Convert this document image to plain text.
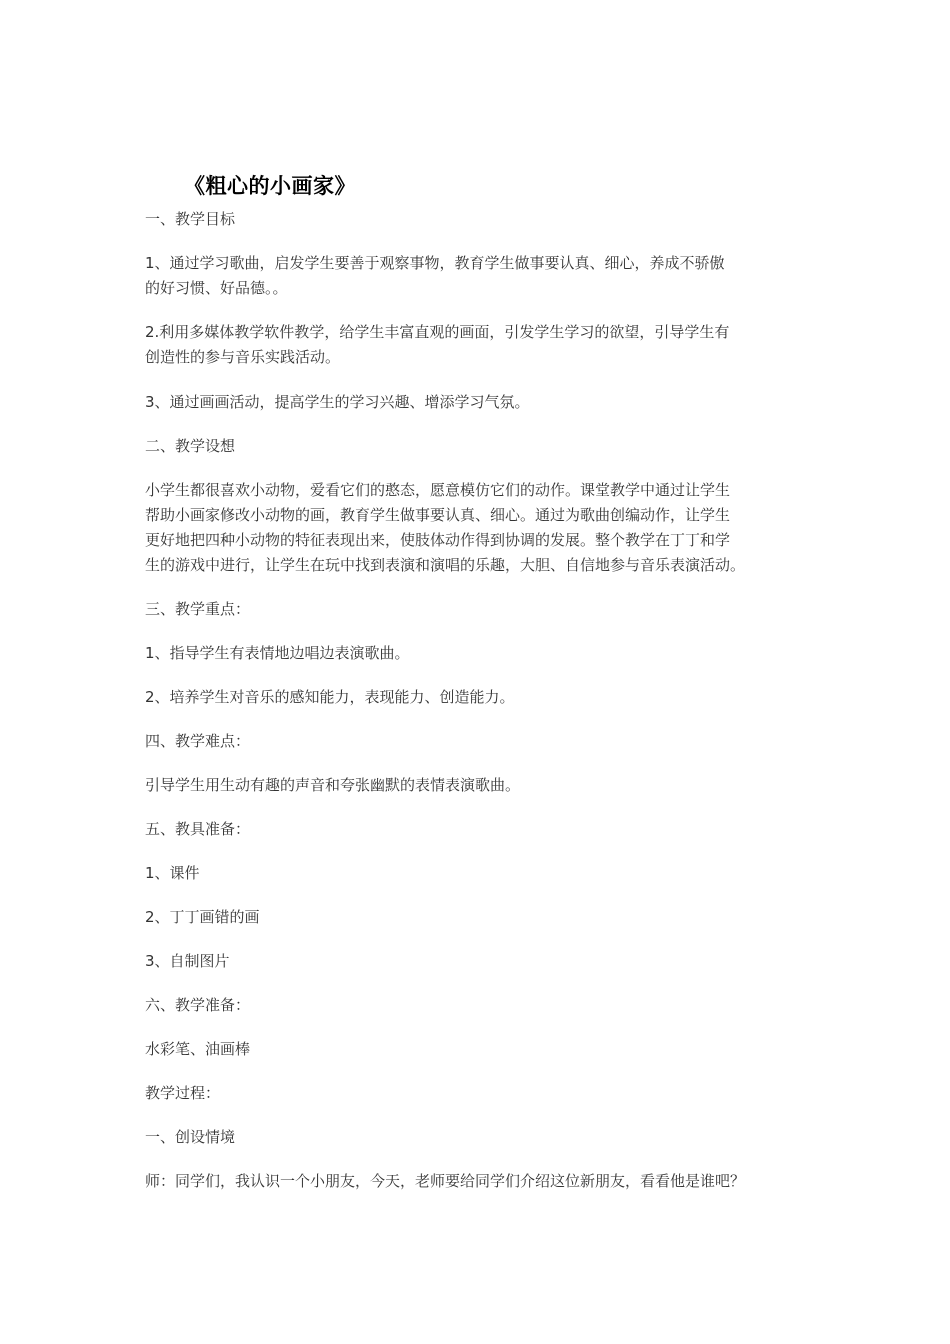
《粗心的小画家》
一、教学目标
1、通过学习歌曲，启发学生要善于观察事物，教育学生做事要认真、细心，养成不骄傲
的好习惯、好品德。。
2.利用多媒体教学软件教学，给学生丰富直观的画面，引发学生学习的欲望，引导学生有
创造性的参与音乐实践活动。
3、通过画画活动，提高学生的学习兴趣、增添学习气氛。
二、教学设想
小学生都很喜欢小动物，爱看它们的憨态，愿意模仿它们的动作。课堂教学中通过让学生
帮助小画家修改小动物的画，教育学生做事要认真、细心。通过为歌曲创编动作，让学生
更好地把四种小动物的特征表现出来，使肢体动作得到协调的发展。整个教学在丁丁和学
生的游戏中进行，让学生在玩中找到表演和演唱的乐趣，大胆、自信地参与音乐表演活动。
三、教学重点：
1、指导学生有表情地边唱边表演歌曲。
2、培养学生对音乐的感知能力，表现能力、创造能力。
四、教学难点：
引导学生用生动有趣的声音和夸张幽默的表情表演歌曲。
五、教具准备：
1、课件
2、丁丁画错的画
3、自制图片
六、教学准备：
水彩笔、油画棒
教学过程：
一、创设情境
师：同学们，我认识一个小朋友，今天，老师要给同学们介绍这位新朋友，看看他是谁吧？
